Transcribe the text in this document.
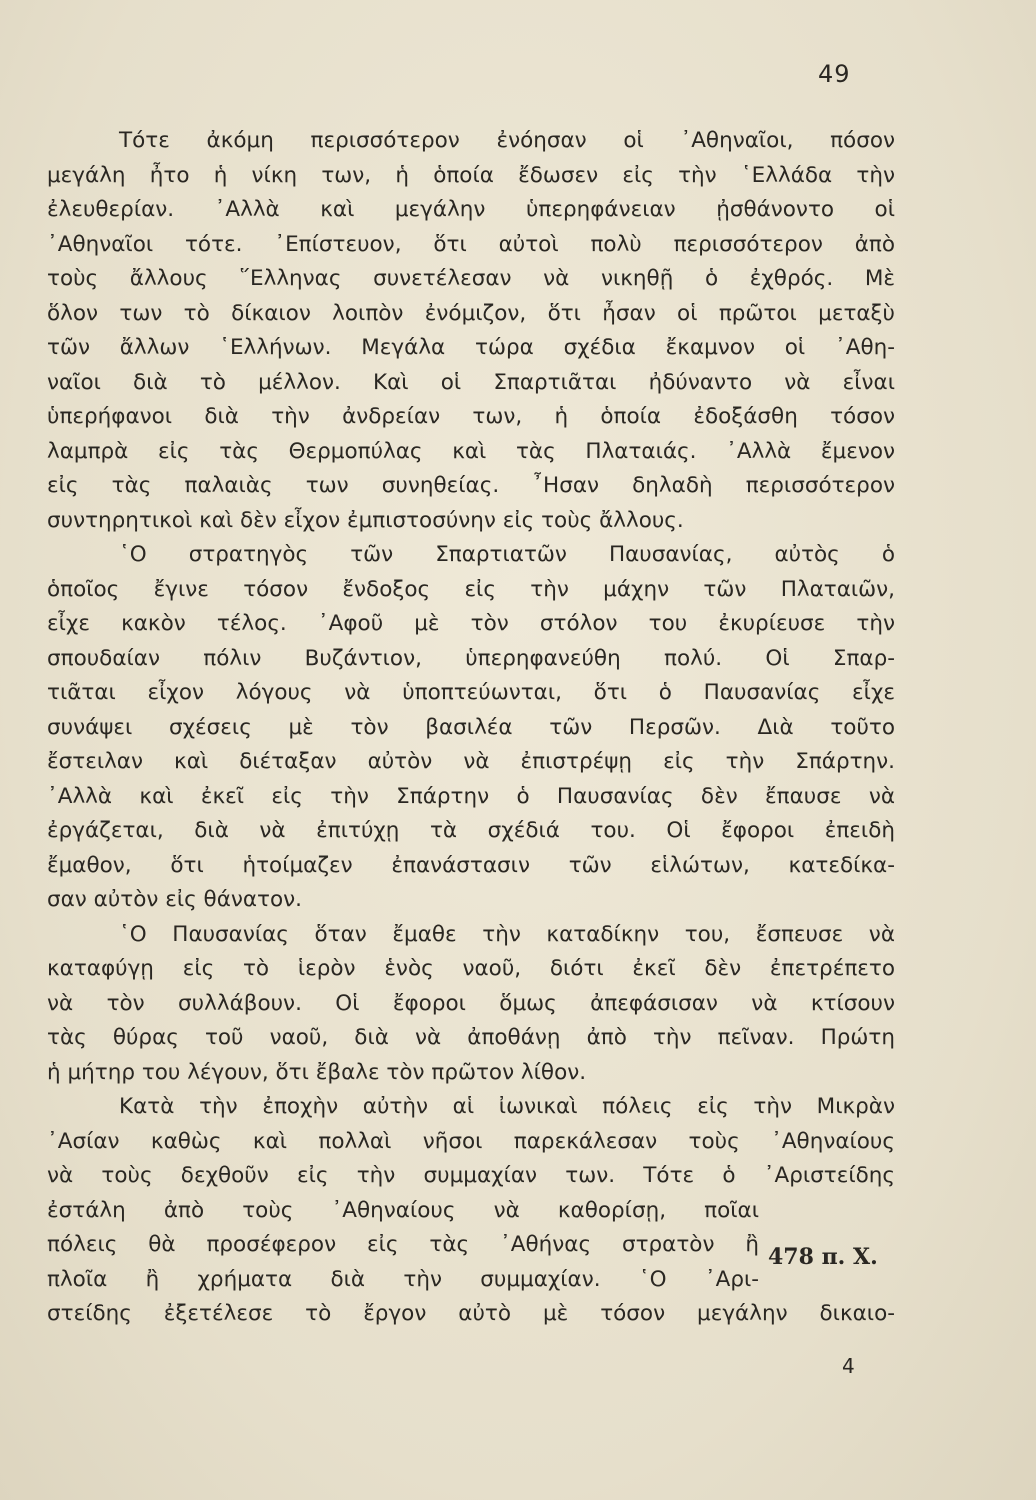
49
Τότε ἀκόμη περισσότερον ἐνόησαν οἱ ᾿Αθηναῖοι, πόσον
μεγάλη ἦτο ἡ νίκη των, ἡ ὁποία ἔδωσεν εἰς τὴν ῾Ελλάδα τὴν
ἐλευθερίαν. ᾿Αλλὰ καὶ μεγάλην ὑπερηφάνειαν ᾐσθάνοντο οἱ
᾿Αθηναῖοι τότε. ᾿Επίστευον, ὅτι αὐτοὶ πολὺ περισσότερον ἀπὸ
τοὺς ἄλλους ῞Ελληνας συνετέλεσαν νὰ νικηθῇ ὁ ἐχθρός. Μὲ
ὅλον των τὸ δίκαιον λοιπὸν ἐνόμιζον, ὅτι ἦσαν οἱ πρῶτοι μεταξὺ
τῶν ἄλλων ῾Ελλήνων. Μεγάλα τώρα σχέδια ἔκαμνον οἱ ᾿Αθη-
ναῖοι διὰ τὸ μέλλον. Καὶ οἱ Σπαρτιᾶται ἠδύναντο νὰ εἶναι
ὑπερήφανοι διὰ τὴν ἀνδρείαν των, ἡ ὁποία ἐδοξάσθη τόσον
λαμπρὰ εἰς τὰς Θερμοπύλας καὶ τὰς Πλαταιάς. ᾿Αλλὰ ἔμενον
εἰς τὰς παλαιὰς των συνηθείας. ῏Ησαν δηλαδὴ περισσότερον
συντηρητικοὶ καὶ δὲν εἶχον ἐμπιστοσύνην εἰς τοὺς ἄλλους.
῾Ο στρατηγὸς τῶν Σπαρτιατῶν Παυσανίας, αὐτὸς ὁ
ὁποῖος ἔγινε τόσον ἔνδοξος εἰς τὴν μάχην τῶν Πλαταιῶν,
εἶχε κακὸν τέλος. ᾿Αφοῦ μὲ τὸν στόλον του ἐκυρίευσε τὴν
σπουδαίαν πόλιν Βυζάντιον, ὑπερηφανεύθη πολύ. Οἱ Σπαρ-
τιᾶται εἶχον λόγους νὰ ὑποπτεύωνται, ὅτι ὁ Παυσανίας εἶχε
συνάψει σχέσεις μὲ τὸν βασιλέα τῶν Περσῶν. Διὰ τοῦτο
ἔστειλαν καὶ διέταξαν αὐτὸν νὰ ἐπιστρέψῃ εἰς τὴν Σπάρτην.
᾿Αλλὰ καὶ ἐκεῖ εἰς τὴν Σπάρτην ὁ Παυσανίας δὲν ἔπαυσε νὰ
ἐργάζεται, διὰ νὰ ἐπιτύχῃ τὰ σχέδιά του. Οἱ ἔφοροι ἐπειδὴ
ἔμαθον, ὅτι ἡτοίμαζεν ἐπανάστασιν τῶν εἱλώτων, κατεδίκα-
σαν αὐτὸν εἰς θάνατον.
῾Ο Παυσανίας ὅταν ἔμαθε τὴν καταδίκην του, ἔσπευσε νὰ
καταφύγῃ εἰς τὸ ἱερὸν ἑνὸς ναοῦ, διότι ἐκεῖ δὲν ἐπετρέπετο
νὰ τὸν συλλάβουν. Οἱ ἔφοροι ὅμως ἀπεφάσισαν νὰ κτίσουν
τὰς θύρας τοῦ ναοῦ, διὰ νὰ ἀποθάνῃ ἀπὸ τὴν πεῖναν. Πρώτη
ἡ μήτηρ του λέγουν, ὅτι ἔβαλε τὸν πρῶτον λίθον.
Κατὰ τὴν ἐποχὴν αὐτὴν αἱ ἰωνικαὶ πόλεις εἰς τὴν Μικρὰν
᾿Ασίαν καθὼς καὶ πολλαὶ νῆσοι παρεκάλεσαν τοὺς ᾿Αθηναίους
νὰ τοὺς δεχθοῦν εἰς τὴν συμμαχίαν των. Τότε ὁ ᾿Αριστείδης
ἐστάλη ἀπὸ τοὺς ᾿Αθηναίους νὰ καθορίσῃ, ποῖαι
πόλεις θὰ προσέφερον εἰς τὰς ᾿Αθήνας στρατὸν ἢ
πλοῖα ἢ χρήματα διὰ τὴν συμμαχίαν. ῾Ο ᾿Αρι-
στείδης ἐξετέλεσε τὸ ἔργον αὐτὸ μὲ τόσον μεγάλην δικαιο-
478 π. Χ.
4
